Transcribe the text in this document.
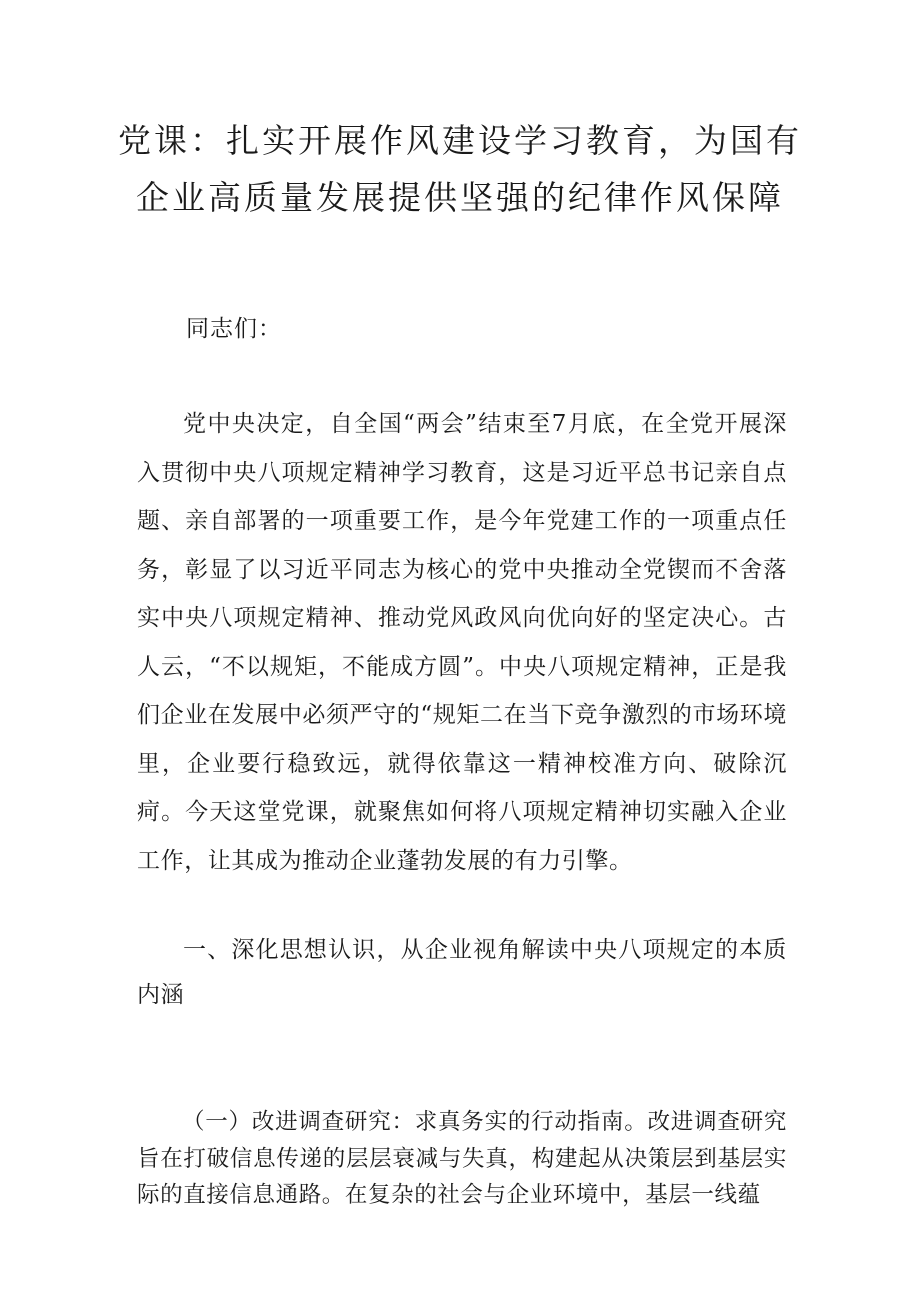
党课：扎实开展作风建设学习教育，为国有
企业高质量发展提供坚强的纪律作风保障
同志们：
党中央决定，自全国“两会”结束至7月底，在全党开展深入贯彻中央八项规定精神学习教育，这是习近平总书记亲自点题、亲自部署的一项重要工作，是今年党建工作的一项重点任务，彰显了以习近平同志为核心的党中央推动全党锲而不舍落实中央八项规定精神、推动党风政风向优向好的坚定决心。古人云，“不以规矩，不能成方圆”。中央八项规定精神，正是我们企业在发展中必须严守的“规矩二在当下竞争激烈的市场环境里，企业要行稳致远，就得依靠这一精神校准方向、破除沉疴。今天这堂党课，就聚焦如何将八项规定精神切实融入企业工作，让其成为推动企业蓬勃发展的有力引擎。
一、深化思想认识，从企业视角解读中央八项规定的本质内涵
（一）改进调查研究：求真务实的行动指南。改进调查研究旨在打破信息传递的层层衰减与失真，构建起从决策层到基层实际的直接信息通路。在复杂的社会与企业环境中，基层一线蕴
